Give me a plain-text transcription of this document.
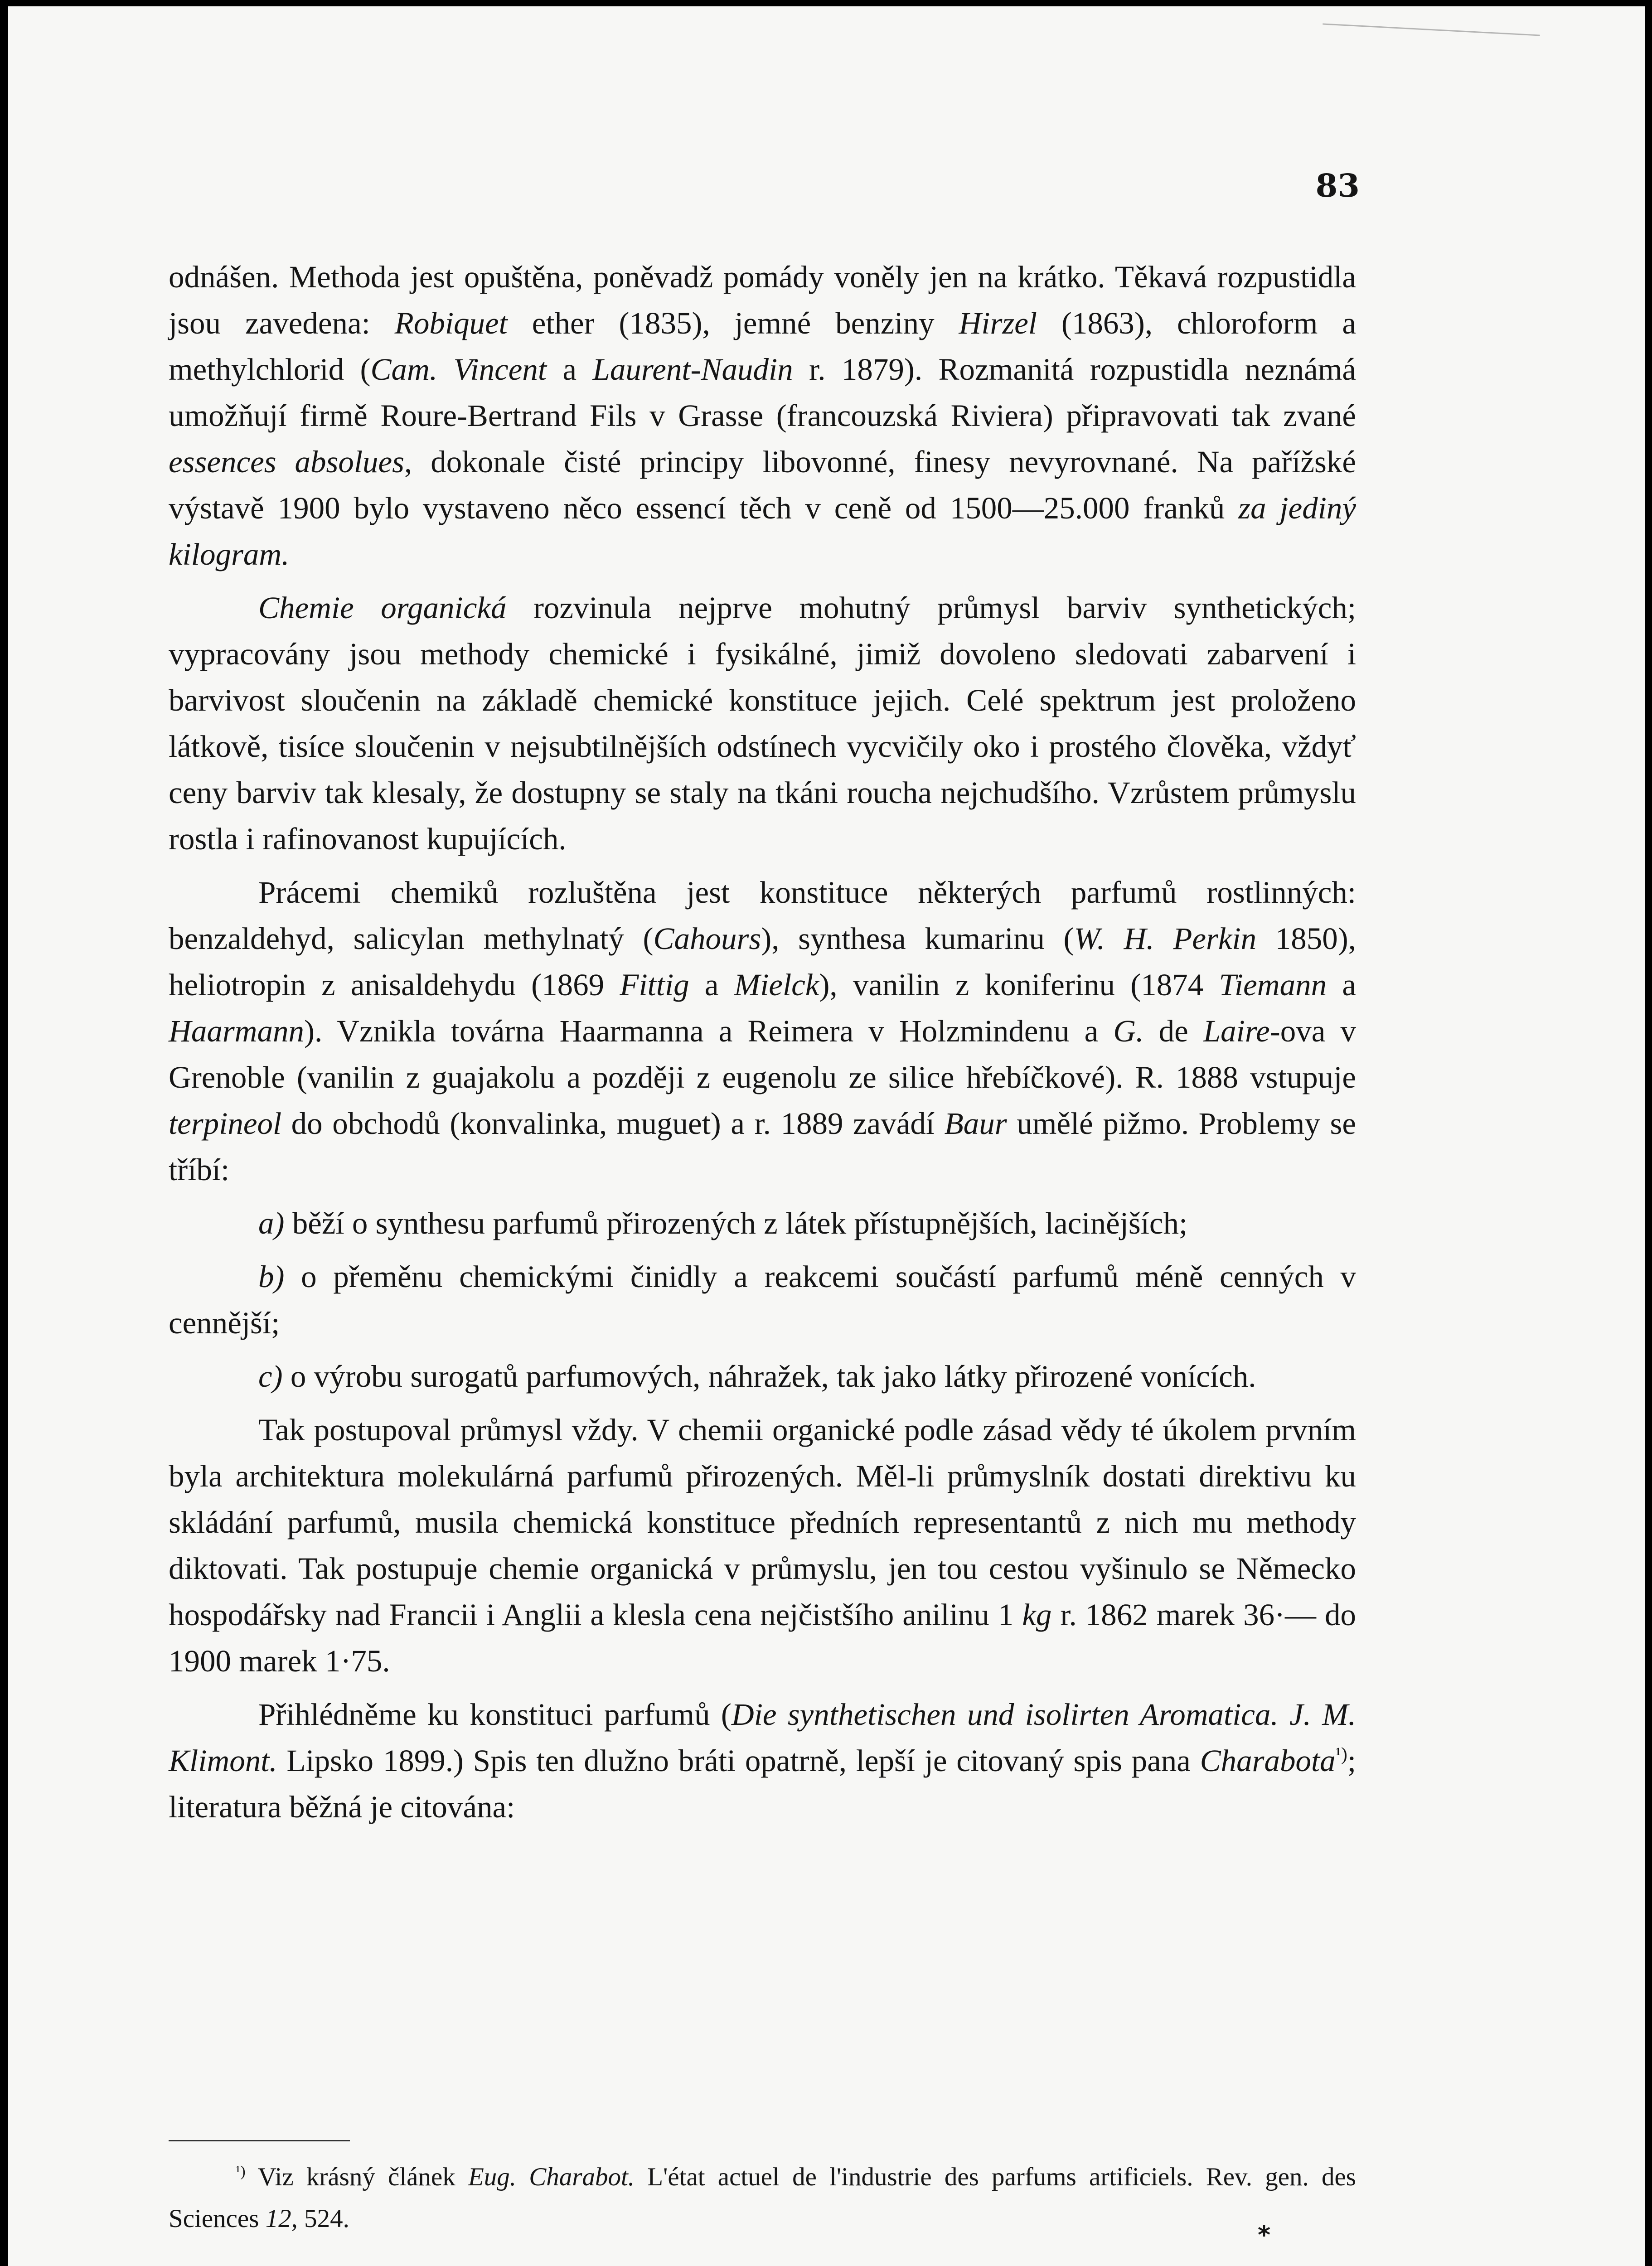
83

odnášen. Methoda jest opuštěna, poněvadž pomády voněly jen na krátko. Těkavá rozpustidla jsou zavedena: Robiquet ether (1835), jemné benziny Hirzel (1863), chloroform a methylchlorid (Cam. Vincent a Laurent-Naudin r. 1879). Rozmanitá rozpustidla neznámá umožňují firmě Roure-Bertrand Fils v Grasse (francouzská Riviera) připravovati tak zvané essences absolues, dokonale čisté principy libovonné, finesy nevyrovnané. Na pařížské výstavě 1900 bylo vystaveno něco essencí těch v ceně od 1500—25.000 franků za jediný kilogram.

Chemie organická rozvinula nejprve mohutný průmysl barviv synthetických; vypracovány jsou methody chemické i fysikálné, jimiž dovoleno sledovati zabarvení i barvivost sloučenin na základě chemické konstituce jejich. Celé spektrum jest proloženo látkově, tisíce sloučenin v nejsubtilnějších odstínech vycvičily oko i prostého člověka, vždyť ceny barviv tak klesaly, že dostupny se staly na tkáni roucha nejchudšího. Vzrůstem průmyslu rostla i rafinovanost kupujících.

Prácemi chemiků rozluštěna jest konstituce některých parfumů rostlinných: benzaldehyd, salicylan methylnatý (Cahours), synthesa kumarinu (W. H. Perkin 1850), heliotropin z anisaldehydu (1869 Fittig a Mielck), vanilin z koniferinu (1874 Tiemann a Haarmann). Vznikla továrna Haarmanna a Reimera v Holzmindenu a G. de Laire-ova v Grenoble (vanilin z guajakolu a později z eugenolu ze silice hřebíčkové). R. 1888 vstupuje terpineol do obchodů (konvalinka, muguet) a r. 1889 zavádí Baur umělé pižmo. Problemy se tříbí:

a) běží o synthesu parfumů přirozených z látek přístupnějších, lacinějších;

b) o přeměnu chemickými činidly a reakcemi součástí parfumů méně cenných v cennější;

c) o výrobu surogatů parfumových, náhražek, tak jako látky přirozené vonících.

Tak postupoval průmysl vždy. V chemii organické podle zásad vědy té úkolem prvním byla architektura molekulárná parfumů přirozených. Měl-li průmyslník dostati direktivu ku skládání parfumů, musila chemická konstituce předních representantů z nich mu methody diktovati. Tak postupuje chemie organická v průmyslu, jen tou cestou vyšinulo se Německo hospodářsky nad Francii i Anglii a klesla cena nejčistšího anilinu 1 kg r. 1862 marek 36·— do 1900 marek 1·75.

Přihlédněme ku konstituci parfumů (Die synthetischen und isolirten Aromatica. J. M. Klimont. Lipsko 1899.) Spis ten dlužno bráti opatrně, lepší je citovaný spis pana Charabota$^{^1)}$; literatura běžná je citována:

$^{^1)}$ Viz krásný článek Eug. Charabot. L'état actuel de l'industrie des parfums artificiels. Rev. gen. des Sciences 12, 524.
*
